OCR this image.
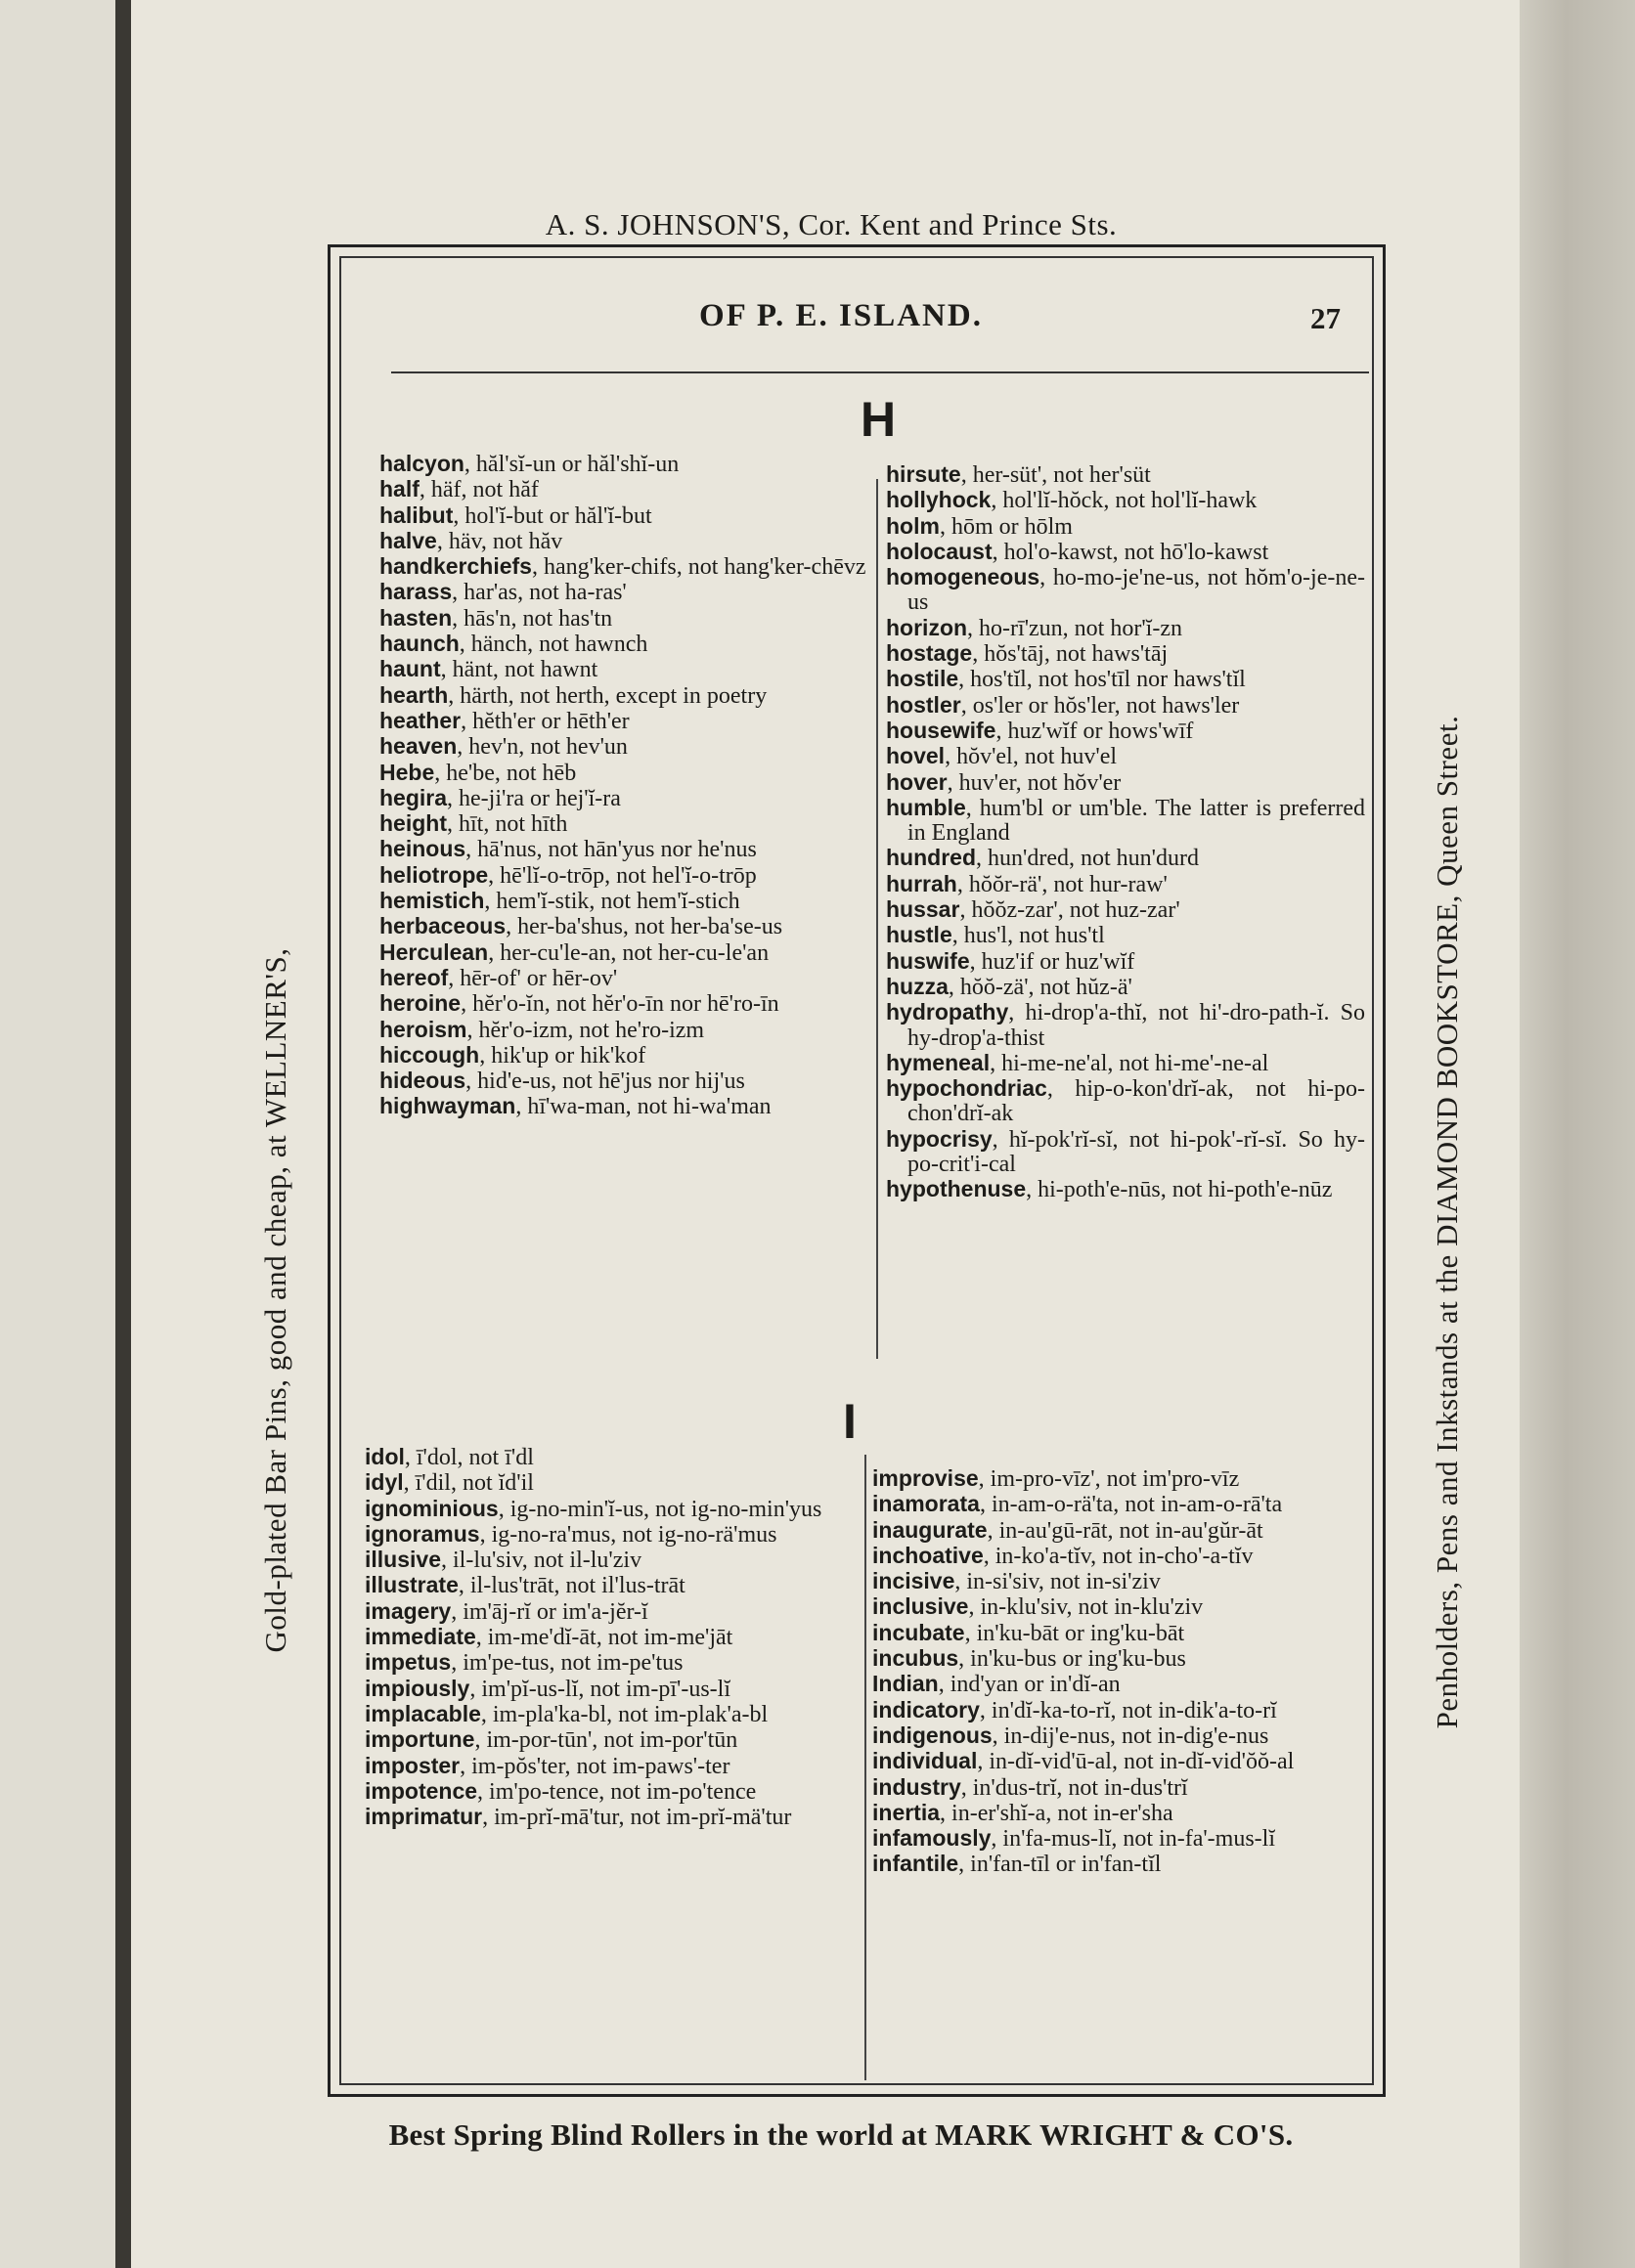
A. S. JOHNSON'S, Cor. Kent and Prince Sts.
Gold-plated Bar Pins, good and cheap, at WELLNER'S,	Penholders, Pens and Inkstands at the DIAMOND BOOKSTORE, Queen Street.
Best Spring Blind Rollers in the world at MARK WRIGHT & CO'S.
OF P. E. ISLAND.	27
H

halcyon, hăl'sĭ-un or hăl'shĭ-un

half, häf, not hăf

halibut, hol'ĭ-but or hăl'ĭ-but

halve, häv, not hăv

handkerchiefs, hang'ker-chifs, not hang'ker-chēvz

harass, har'as, not ha-ras'

hasten, hās'n, not has'tn

haunch, hänch, not hawnch

haunt, hänt, not hawnt

hearth, härth, not herth, except in poetry

heather, hĕth'er or hēth'er

heaven, hev'n, not hev'un

Hebe, he'be, not hēb

hegira, he-ji'ra or hej'ĭ-ra

height, hīt, not hīth

heinous, hā'nus, not hān'yus nor he'nus

heliotrope, hē'lĭ-o-trōp, not hel'ĭ-o-trōp

hemistich, hem'ĭ-stik, not hem'ĭ-stich

herbaceous, her-ba'shus, not her-ba'se-us

Herculean, her-cu'le-an, not her-cu-le'an

hereof, hēr-of' or hēr-ov'

heroine, hĕr'o-ĭn, not hĕr'o-īn nor hē'ro-īn

heroism, hĕr'o-izm, not he'ro-izm

hiccough, hik'up or hik'kof

hideous, hid'e-us, not hē'jus nor hij'us

highwayman, hī'wa-man, not hi-wa'man

hirsute, her-süt', not her'süt

hollyhock, hol'lĭ-hŏck, not hol'lĭ-hawk

holm, hōm or hōlm

holocaust, hol'o-kawst, not hō'lo-kawst

homogeneous, ho-mo-je'ne-us, not hŏm'o-je-ne-us

horizon, ho-rī'zun, not hor'ĭ-zn

hostage, hŏs'tāj, not haws'tāj

hostile, hos'tĭl, not hos'tīl nor haws'tĭl

hostler, os'ler or hŏs'ler, not haws'ler

housewife, huz'wĭf or hows'wīf

hovel, hŏv'el, not huv'el

hover, huv'er, not hŏv'er

humble, hum'bl or um'ble. The latter is preferred in England

hundred, hun'dred, not hun'durd

hurrah, hŏŏr-rä', not hur-raw'

hussar, hŏŏz-zar', not huz-zar'

hustle, hus'l, not hus'tl

huswife, huz'if or huz'wĭf

huzza, hŏŏ-zä', not hŭz-ä'

hydropathy, hi-drop'a-thĭ, not hi'-dro-path-ĭ. So hy-drop'a-thist

hymeneal, hi-me-ne'al, not hi-me'-ne-al

hypochondriac, hip-o-kon'drĭ-ak, not hi-po-chon'drĭ-ak

hypocrisy, hĭ-pok'rĭ-sĭ, not hi-pok'-rĭ-sĭ. So hy-po-crit'i-cal

hypothenuse, hi-poth'e-nūs, not hi-poth'e-nūz

I

idol, ī'dol, not ī'dl

idyl, ī'dil, not ĭd'il

ignominious, ig-no-min'ĭ-us, not ig-no-min'yus

ignoramus, ig-no-ra'mus, not ig-no-rä'mus

illusive, il-lu'siv, not il-lu'ziv

illustrate, il-lus'trāt, not il'lus-trāt

imagery, im'āj-rĭ or im'a-jĕr-ĭ

immediate, im-me'dĭ-āt, not im-me'jāt

impetus, im'pe-tus, not im-pe'tus

impiously, im'pĭ-us-lĭ, not im-pī'-us-lĭ

implacable, im-pla'ka-bl, not im-plak'a-bl

importune, im-por-tūn', not im-por'tūn

imposter, im-pŏs'ter, not im-paws'-ter

impotence, im'po-tence, not im-po'tence

imprimatur, im-prĭ-mā'tur, not im-prĭ-mä'tur

improvise, im-pro-vīz', not im'pro-vīz

inamorata, in-am-o-rä'ta, not in-am-o-rā'ta

inaugurate, in-au'gū-rāt, not in-au'gŭr-āt

inchoative, in-ko'a-tĭv, not in-cho'-a-tĭv

incisive, in-si'siv, not in-si'ziv

inclusive, in-klu'siv, not in-klu'ziv

incubate, in'ku-bāt or ing'ku-bāt

incubus, in'ku-bus or ing'ku-bus

Indian, ind'yan or in'dĭ-an

indicatory, in'dĭ-ka-to-rĭ, not in-dik'a-to-rĭ

indigenous, in-dij'e-nus, not in-dig'e-nus

individual, in-dĭ-vid'ū-al, not in-dĭ-vid'ŏŏ-al

industry, in'dus-trĭ, not in-dus'trĭ

inertia, in-er'shĭ-a, not in-er'sha

infamously, in'fa-mus-lĭ, not in-fa'-mus-lĭ

infantile, in'fan-tīl or in'fan-tĭl
